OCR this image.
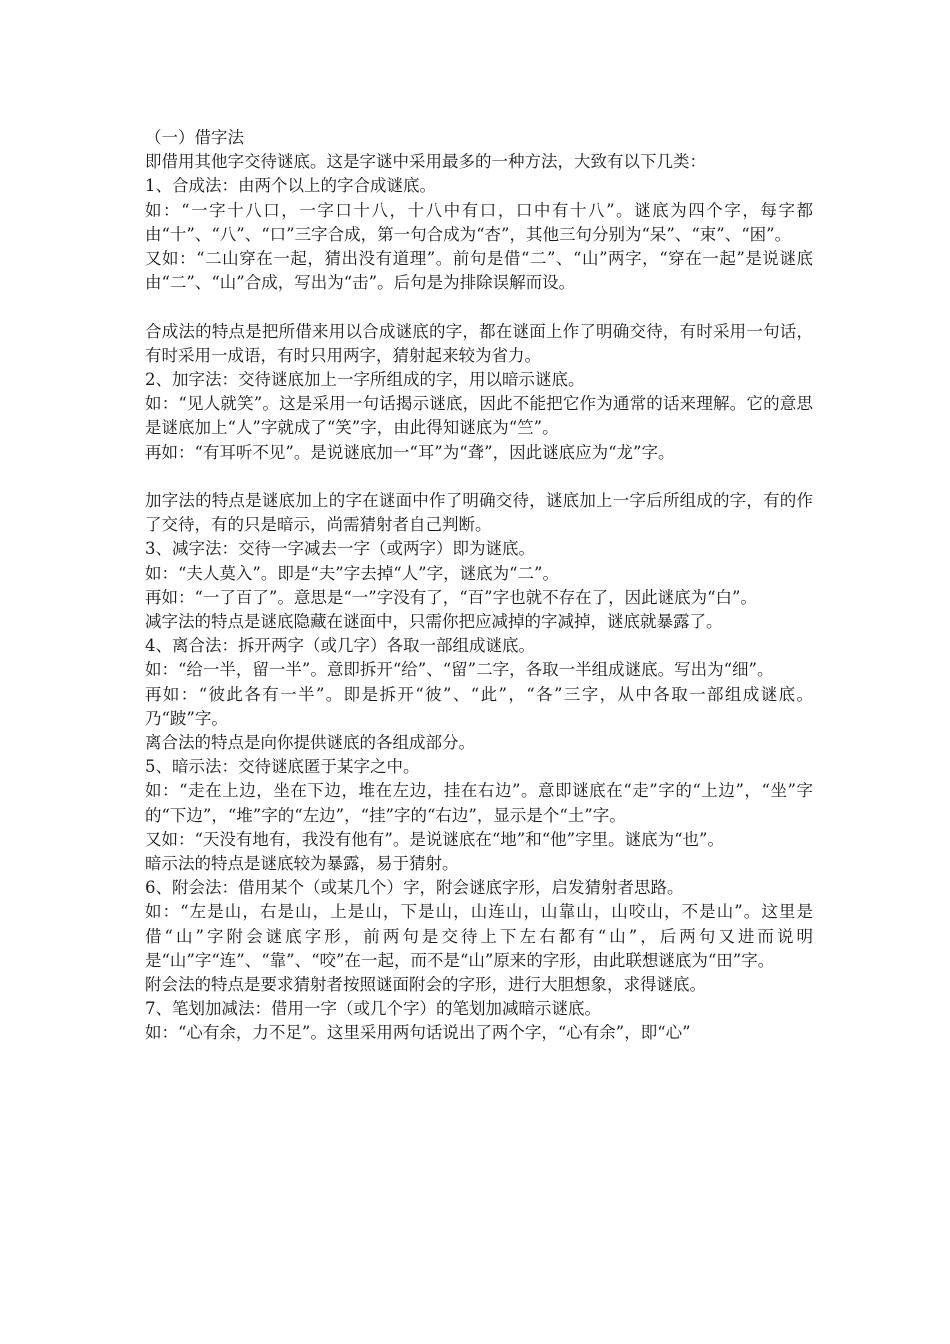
（一）借字法
即借用其他字交待谜底。这是字谜中采用最多的一种方法，大致有以下几类：
1、合成法：由两个以上的字合成谜底。
如：“一字十八口，一字口十八，十八中有口，口中有十八”。谜底为四个字，每字都由“十”、“八”、“口”三字合成，第一句合成为“杏”，其他三句分别为“呆”、“束”、“困”。
又如：“二山穿在一起，猜出没有道理”。前句是借“二”、“山”两字，“穿在一起”是说谜底由“二”、“山”合成，写出为“击”。后句是为排除误解而设。
合成法的特点是把所借来用以合成谜底的字，都在谜面上作了明确交待，有时采用一句话，有时采用一成语，有时只用两字，猜射起来较为省力。
2、加字法：交待谜底加上一字所组成的字，用以暗示谜底。
如：“见人就笑”。这是采用一句话揭示谜底，因此不能把它作为通常的话来理解。它的意思是谜底加上“人”字就成了“笑”字，由此得知谜底为“竺”。
再如：“有耳听不见”。是说谜底加一“耳”为“聋”，因此谜底应为“龙”字。
加字法的特点是谜底加上的字在谜面中作了明确交待，谜底加上一字后所组成的字，有的作了交待，有的只是暗示，尚需猜射者自己判断。
3、减字法：交待一字减去一字（或两字）即为谜底。
如：“夫人莫入”。即是“夫”字去掉“人”字，谜底为“二”。
再如：“一了百了”。意思是“一”字没有了，“百”字也就不存在了，因此谜底为“白”。
减字法的特点是谜底隐藏在谜面中，只需你把应减掉的字减掉，谜底就暴露了。
4、离合法：拆开两字（或几字）各取一部组成谜底。
如：“给一半，留一半”。意即拆开“给”、“留”二字，各取一半组成谜底。写出为“细”。
再如：“彼此各有一半”。即是拆开“彼”、“此”，“各”三字，从中各取一部组成谜底。乃“跛”字。
离合法的特点是向你提供谜底的各组成部分。
5、暗示法：交待谜底匿于某字之中。
如：“走在上边，坐在下边，堆在左边，挂在右边”。意即谜底在“走”字的“上边”，“坐”字的“下边”，“堆”字的“左边”，“挂”字的“右边”，显示是个“土”字。
又如：“天没有地有，我没有他有”。是说谜底在“地”和“他”字里。谜底为“也”。
暗示法的特点是谜底较为暴露，易于猜射。
6、附会法：借用某个（或某几个）字，附会谜底字形，启发猜射者思路。
如：“左是山，右是山，上是山，下是山，山连山，山靠山，山咬山，不是山”。这里是借“山”字附会谜底字形，前两句是交待上下左右都有“山”，后两句又进而说明是“山”字“连”、“靠”、“咬”在一起，而不是“山”原来的字形，由此联想谜底为“田”字。
附会法的特点是要求猜射者按照谜面附会的字形，进行大胆想象，求得谜底。
7、笔划加减法：借用一字（或几个字）的笔划加减暗示谜底。
如：“心有余，力不足”。这里采用两句话说出了两个字，“心有余”，即“心”
